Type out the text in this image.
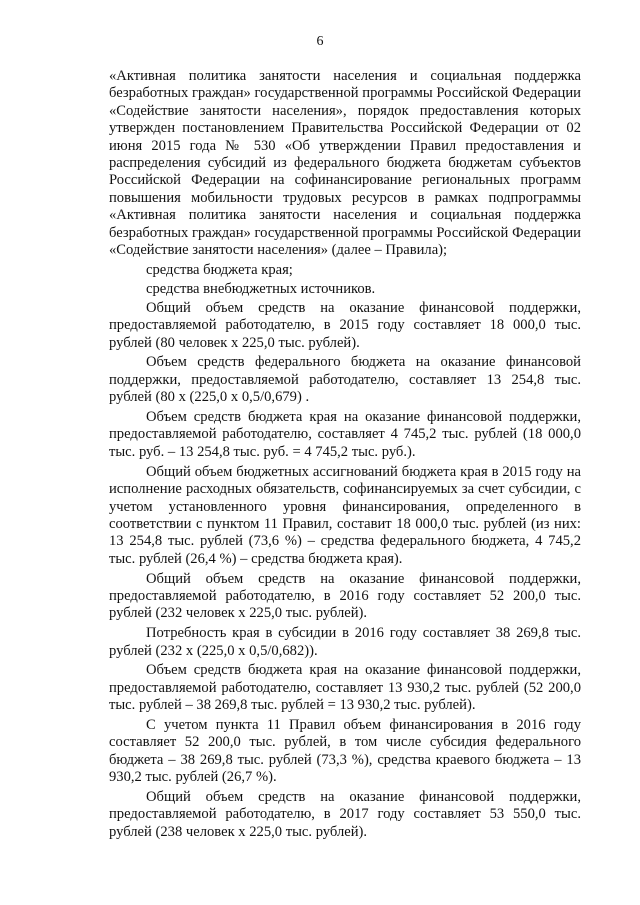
6

«Активная политика занятости населения и социальная поддержка безработных граждан» государственной программы Российской Федерации «Содействие занятости населения», порядок предоставления которых утвержден постановлением Правительства Российской Федерации от 02 июня 2015 года № 530 «Об утверждении Правил предоставления и распределения субсидий из федерального бюджета бюджетам субъектов Российской Федерации на софинансирование региональных программ повышения мобильности трудовых ресурсов в рамках подпрограммы «Активная политика занятости населения и социальная поддержка безработных граждан» государственной программы Российской Федерации «Содействие занятости населения» (далее – Правила);

средства бюджета края;

средства внебюджетных источников.

Общий объем средств на оказание финансовой поддержки, предоставляемой работодателю, в 2015 году составляет 18 000,0 тыс. рублей (80 человек х 225,0 тыс. рублей).

Объем средств федерального бюджета на оказание финансовой поддержки, предоставляемой работодателю, составляет 13 254,8 тыс. рублей (80 х (225,0 х 0,5/0,679) .

Объем средств бюджета края на оказание финансовой поддержки, предоставляемой работодателю, составляет 4 745,2 тыс. рублей (18 000,0 тыс. руб. – 13 254,8 тыс. руб. = 4 745,2 тыс. руб.).

Общий объем бюджетных ассигнований бюджета края в 2015 году на исполнение расходных обязательств, софинансируемых за счет субсидии, с учетом установленного уровня финансирования, определенного в соответствии с пунктом 11 Правил, составит 18 000,0 тыс. рублей (из них: 13 254,8 тыс. рублей (73,6 %) – средства федерального бюджета, 4 745,2 тыс. рублей (26,4 %) – средства бюджета края).

Общий объем средств на оказание финансовой поддержки, предоставляемой работодателю, в 2016 году составляет 52 200,0 тыс. рублей (232 человек х 225,0 тыс. рублей).

Потребность края в субсидии в 2016 году составляет 38 269,8 тыс. рублей (232 х (225,0 х 0,5/0,682)).

Объем средств бюджета края на оказание финансовой поддержки, предоставляемой работодателю, составляет 13 930,2 тыс. рублей (52 200,0 тыс. рублей – 38 269,8 тыс. рублей = 13 930,2 тыс. рублей).

С учетом пункта 11 Правил объем финансирования в 2016 году составляет 52 200,0 тыс. рублей, в том числе субсидия федерального бюджета – 38 269,8 тыс. рублей (73,3 %), средства краевого бюджета – 13 930,2 тыс. рублей (26,7 %).

Общий объем средств на оказание финансовой поддержки, предоставляемой работодателю, в 2017 году составляет 53 550,0 тыс. рублей (238 человек х 225,0 тыс. рублей).
